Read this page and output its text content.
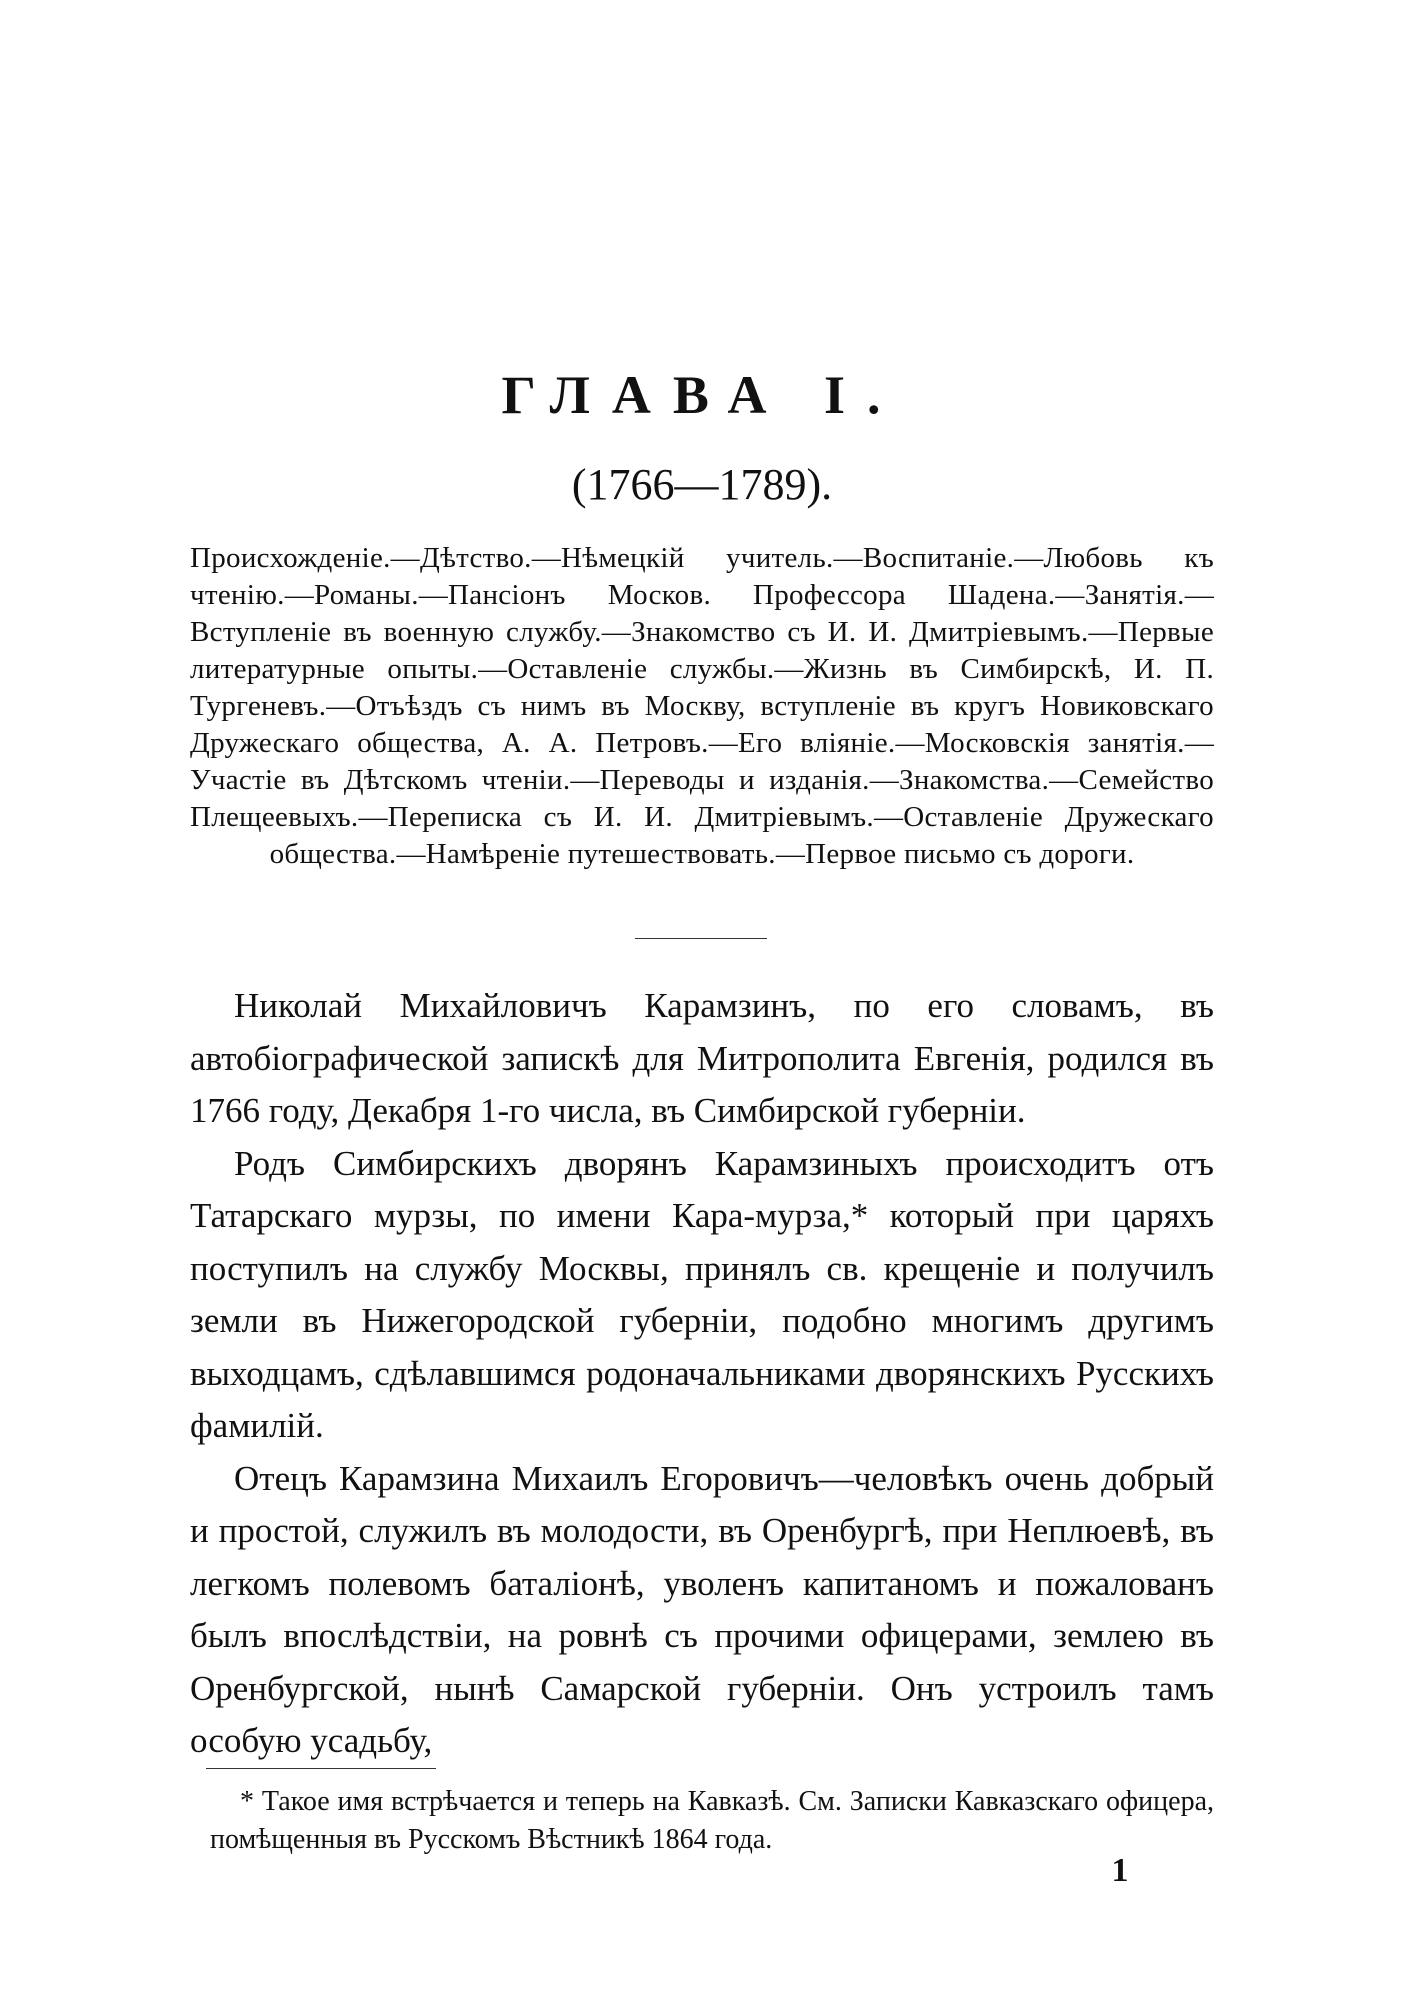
ГЛАВА I.
(1766—1789).
Происхожденіе.—Дѣтство.—Нѣмецкій учитель.—Воспитаніе.—Любовь къ чтенію.—Романы.—Пансіонъ Москов. Профессора Шадена.—Занятія.—Вступленіе въ военную службу.—Знакомство съ И. И. Дмитріевымъ.—Первые литературные опыты.—Оставленіе службы.—Жизнь въ Симбирскѣ, И. П. Тургеневъ.—Отъѣздъ съ нимъ въ Москву, вступленіе въ кругъ Новиковскаго Дружескаго общества, А. А. Петровъ.—Его вліяніе.—Московскія занятія.—Участіе въ Дѣтскомъ чтеніи.—Переводы и изданія.—Знакомства.—Семейство Плещеевыхъ.—Переписка съ И. И. Дмитріевымъ.—Оставленіе Дружескаго общества.—Намѣреніе путешествовать.—Первое письмо съ дороги.

Николай Михайловичъ Карамзинъ, по его словамъ, въ автобіографической запискѣ для Митрополита Евгенія, родился въ 1766 году, Декабря 1-го числа, въ Симбирской губерніи.

Родъ Симбирскихъ дворянъ Карамзиныхъ происходитъ отъ Татарскаго мурзы, по имени Кара-мурза,* который при царяхъ поступилъ на службу Москвы, принялъ св. крещеніе и получилъ земли въ Нижегородской губерніи, подобно многимъ другимъ выходцамъ, сдѣлавшимся родоначальниками дворянскихъ Русскихъ фамилій.

Отецъ Карамзина Михаилъ Егоровичъ—человѣкъ очень добрый и простой, служилъ въ молодости, въ Оренбургѣ, при Неплюевѣ, въ легкомъ полевомъ баталіонѣ, уволенъ капитаномъ и пожалованъ былъ впослѣдствіи, на ровнѣ съ прочими офицерами, землею въ Оренбургской, нынѣ Самарской губерніи. Онъ устроилъ тамъ особую усадьбу,

* Такое имя встрѣчается и теперь на Кавказѣ. См. Записки Кавказскаго офицера, помѣщенныя въ Русскомъ Вѣстникѣ 1864 года.
1
